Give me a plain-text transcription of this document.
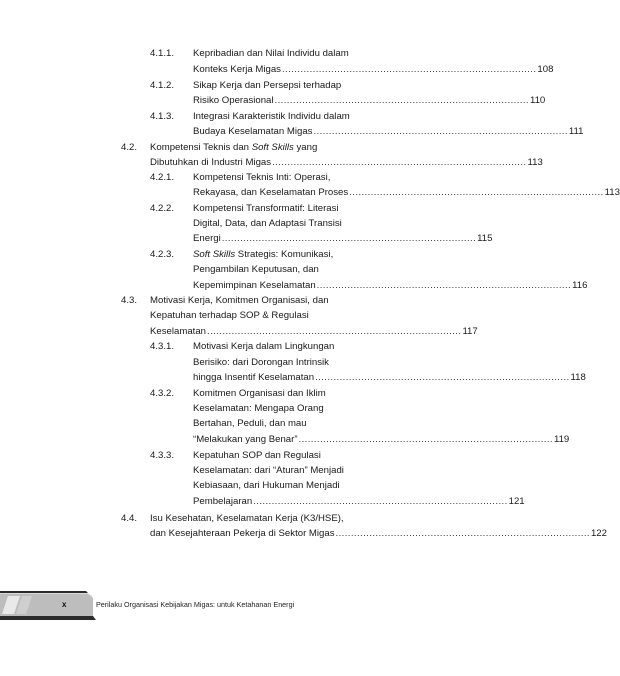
4.1.1. Kepribadian dan Nilai Individu dalam
Konteks Kerja Migas ................................................................................... 108
4.1.2. Sikap Kerja dan Persepsi terhadap
Risiko Operasional ................................................................................... 110
4.1.3. Integrasi Karakteristik Individu dalam
Budaya Keselamatan Migas ................................................................................... 111
4.2. Kompetensi Teknis dan Soft Skills yang
Dibutuhkan di Industri Migas ................................................................................... 113
4.2.1. Kompetensi Teknis Inti: Operasi,
Rekayasa, dan Keselamatan Proses ................................................................................... 113
4.2.2. Kompetensi Transformatif: Literasi
Digital, Data, dan Adaptasi Transisi
Energi ................................................................................... 115
4.2.3. Soft Skills Strategis: Komunikasi,
Pengambilan Keputusan, dan
Kepemimpinan Keselamatan ................................................................................... 116
4.3. Motivasi Kerja, Komitmen Organisasi, dan
Kepatuhan terhadap SOP & Regulasi
Keselamatan ................................................................................... 117
4.3.1. Motivasi Kerja dalam Lingkungan
Berisiko: dari Dorongan Intrinsik
hingga Insentif Keselamatan ................................................................................... 118
4.3.2. Komitmen Organisasi dan Iklim
Keselamatan: Mengapa Orang
Bertahan, Peduli, dan mau
“Melakukan yang Benar” ................................................................................... 119
4.3.3. Kepatuhan SOP dan Regulasi
Keselamatan: dari “Aturan” Menjadi
Kebiasaan, dari Hukuman Menjadi
Pembelajaran ................................................................................... 121
4.4. Isu Kesehatan, Keselamatan Kerja (K3/HSE),
dan Kesejahteraan Pekerja di Sektor Migas ................................................................................... 122
x	Perilaku Organisasi Kebijakan Migas: untuk Ketahanan Energi
